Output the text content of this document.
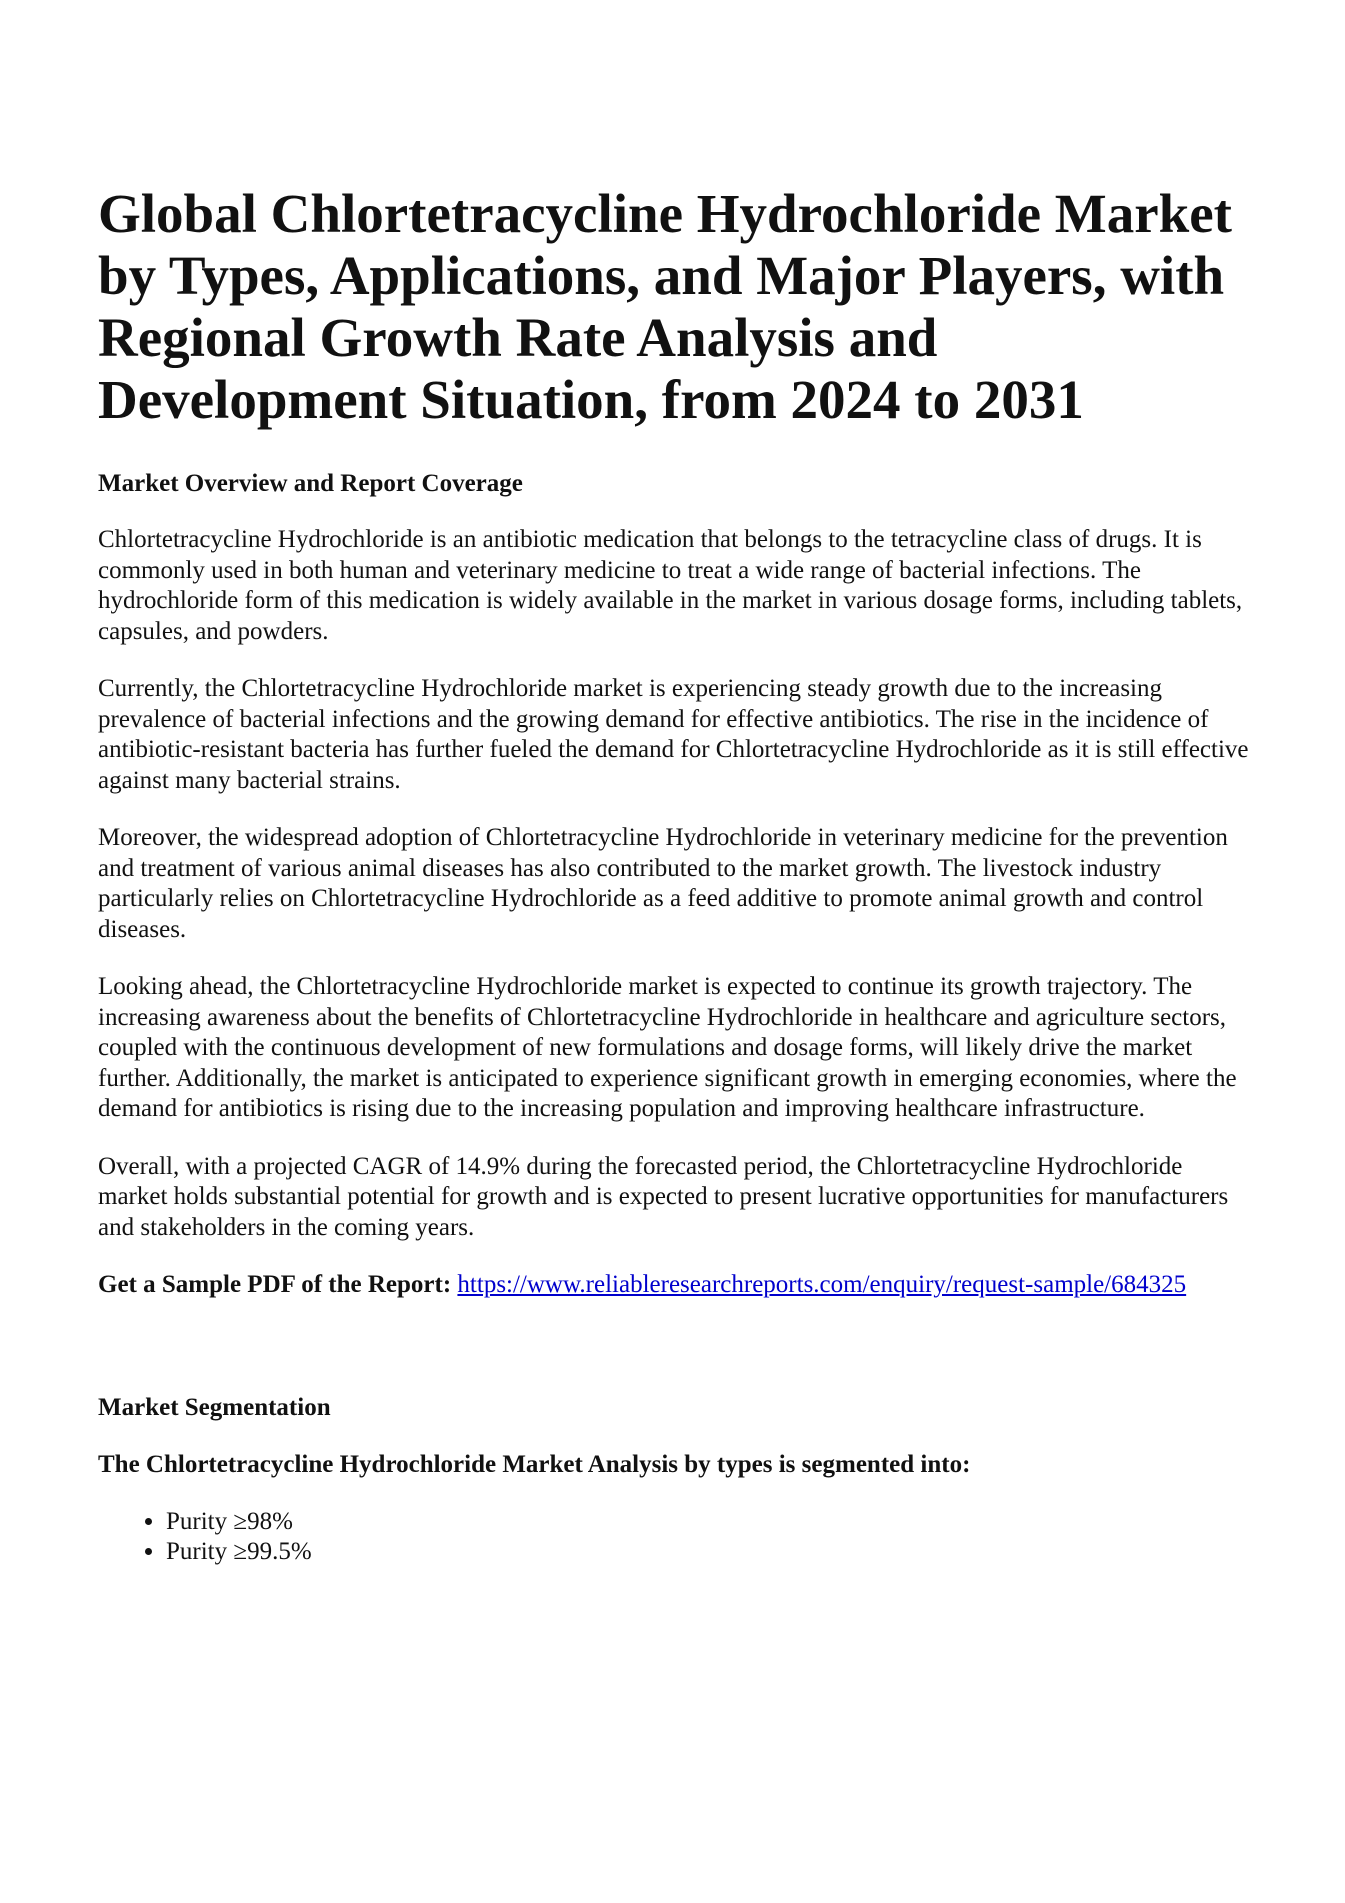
Global Chlortetracycline Hydrochloride Market by Types, Applications, and Major Players, with Regional Growth Rate Analysis and Development Situation, from 2024 to 2031
Market Overview and Report Coverage

Chlortetracycline Hydrochloride is an antibiotic medication that belongs to the tetracycline class of drugs. It is commonly used in both human and veterinary medicine to treat a wide range of bacterial infections. The hydrochloride form of this medication is widely available in the market in various dosage forms, including tablets, capsules, and powders.

Currently, the Chlortetracycline Hydrochloride market is experiencing steady growth due to the increasing prevalence of bacterial infections and the growing demand for effective antibiotics. The rise in the incidence of antibiotic-resistant bacteria has further fueled the demand for Chlortetracycline Hydrochloride as it is still effective against many bacterial strains.

Moreover, the widespread adoption of Chlortetracycline Hydrochloride in veterinary medicine for the prevention and treatment of various animal diseases has also contributed to the market growth. The livestock industry particularly relies on Chlortetracycline Hydrochloride as a feed additive to promote animal growth and control diseases.

Looking ahead, the Chlortetracycline Hydrochloride market is expected to continue its growth trajectory. The increasing awareness about the benefits of Chlortetracycline Hydrochloride in healthcare and agriculture sectors, coupled with the continuous development of new formulations and dosage forms, will likely drive the market further. Additionally, the market is anticipated to experience significant growth in emerging economies, where the demand for antibiotics is rising due to the increasing population and improving healthcare infrastructure.

Overall, with a projected CAGR of 14.9% during the forecasted period, the Chlortetracycline Hydrochloride market holds substantial potential for growth and is expected to present lucrative opportunities for manufacturers and stakeholders in the coming years.

Get a Sample PDF of the Report: https://www.reliableresearchreports.com/enquiry/request-sample/684325

Market Segmentation
The Chlortetracycline Hydrochloride Market Analysis by types is segmented into:
• Purity ≥98%
• Purity ≥99.5%
